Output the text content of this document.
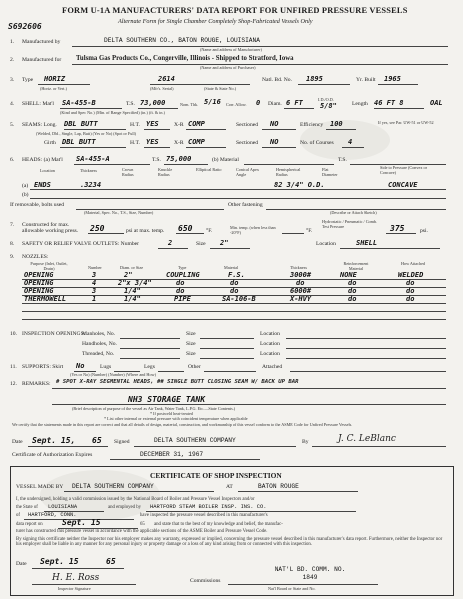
FORM U-1A MANUFACTURERS' DATA REPORT FOR UNFIRED PRESSURE VESSELS
Alternate Form for Single Chamber Completely Shop-Fabricated Vessels Only
S692606
1. Manufactured by	DELTA SOUTHERN CO., BATON ROUGE, LOUISIANA
(Name and address of Manufacturer)
2. Manufactured for Tulsma Gas Products Co., Congerville, Illinois - Shipped to Stratford, Iowa
(Name and address of Purchaser)
3. Type HORIZ	2614
(Horiz. or Vert.)	(Mfr's. Serial)	(State & State No.)
Natl. Bd. No. 1895	Yr. Built 1965
4. SHELL: Mat'l SA-455-B	T.S. 73,000	Nom. Thk. 5/16 Corr. Allow. 0 Diam. 6 FT	I.D./O.D.
5/8"	Length 46 FT 8	OAL
(Kind and Spec No.) (Min. of Range Specified) (in.) (ft. & in.)
5. SEAMS: Long. DBL BUTT	H.T. YES	X-R COMP	Sectioned NO	Efficiency 100
(Welded, Dbl., Single, Lap, Butt) (Yes or No) (Spot or Full)
If yes, see Par. UW-51 or UW-52
Girth DBL BUTT	H.T. YES	X-R COMP	Sectioned NO	No. of Courses 4
6. HEADS: (a) Mat'l SA-455-A	T.S. 75,000	(b) Material	T.S.
Location	Thickness	Crown Radius
Knuckle Radius
Elliptical Ratio	Conical Apex Angle
Hemispherical Radius
Flat Diameter
Side to Pressure (Convex or Concave)
(a) ENDS	.3234	82 3/4" O.D.	CONCAVE
(b)
If removable, bolts used	Other fastening
(Material, Spec. No., T.S., Size, Number)	(Describe or Attach Sketch)
7. Constructed for max. allowable working press.	250	psi at max. temp. 650 °F.
Min. temp. (when less than -20°F)	°F.
Hydrostatic / Pneumatic / Comb. Test Pressure	375	psi.
8. SAFETY OR RELIEF VALVE OUTLETS: Number	2	Size 2"	Location	SHELL
9. NOZZLES:
Purpose (Inlet, Outlet, Drain)	Number	Diam. or Size	Type	Material	Thickness
Reinforcement Material
How Attached
OPENING	3	2"	COUPLING	F.S.	3000#	NONE	WELDED
OPENING	4	2"x 3/4"	do	do	do	do	do
OPENING	3	1/4"	do	do	6000#	do	do
THERMOWELL	1	1/4"	PIPE	SA-106-B	X-HVY	do	do
10. INSPECTION OPENINGS:
Manholes, No.	Size	Location
Handholes, No.	Size	Location
Threaded, No.	Size	Location
11. SUPPORTS: Skirt No	Lugs	Legs	Other	Attached
(Yes or No) (Number) (Number) (Where and How)
12. REMARKS: # SPOT X-RAY SEGMENTAL HEADS, ## SINGLE BUTT CLOSING SEAM W/ BACK UP BAR
NH3 STORAGE TANK
(Brief description of purpose of the vessel as Air Tank, Water Tank, L.P.G. Etc.—State Contents.)
* If postweld heat-treated
* List other internal or external pressure with coincident temperature when applicable
We certify that the statements made in this report are correct and that all details of design, material, construction, and workmanship of this vessel conform to the ASME Code for Unfired Pressure Vessels.
Date Sept. 15, 65 Signed	DELTA SOUTHERN COMPANY	By	J. C. LeBlanc
Certificate of Authorization Expires	DECEMBER 31, 1967
CERTIFICATE OF SHOP INSPECTION
VESSEL MADE BY DELTA SOUTHERN COMPANY	AT	BATON ROUGE
I, the undersigned, holding a valid commission issued by the National Board of Boiler and Pressure Vessel Inspectors and/or
the State of LOUISIANA	and employed by HARTFORD STEAM BOILER INSP. INS. CO.
of HARTFORD, CONN.	have inspected the pressure vessel described in this manufacturer's
data report on Sept. 15	65 and state that to the best of my knowledge and belief, the manufac-
turer has constructed this pressure vessel in accordance with the applicable sections of the ASME Boiler and Pressure Vessel Code.
By signing this certificate neither the Inspector nor his employer makes any warranty, expressed or implied, concerning the pressure vessel described in this manufacturer's data report. Furthermore, neither the Inspector nor his employer shall be liable in any manner for any personal injury or property damage or a loss of any kind arising from or connected with this inspection.
Date Sept. 15	65
H. E. Ross
Inspector Signature
Commissions
NAT'L BD. COMM. NO. 1849
Nat'l Board or State and No.
